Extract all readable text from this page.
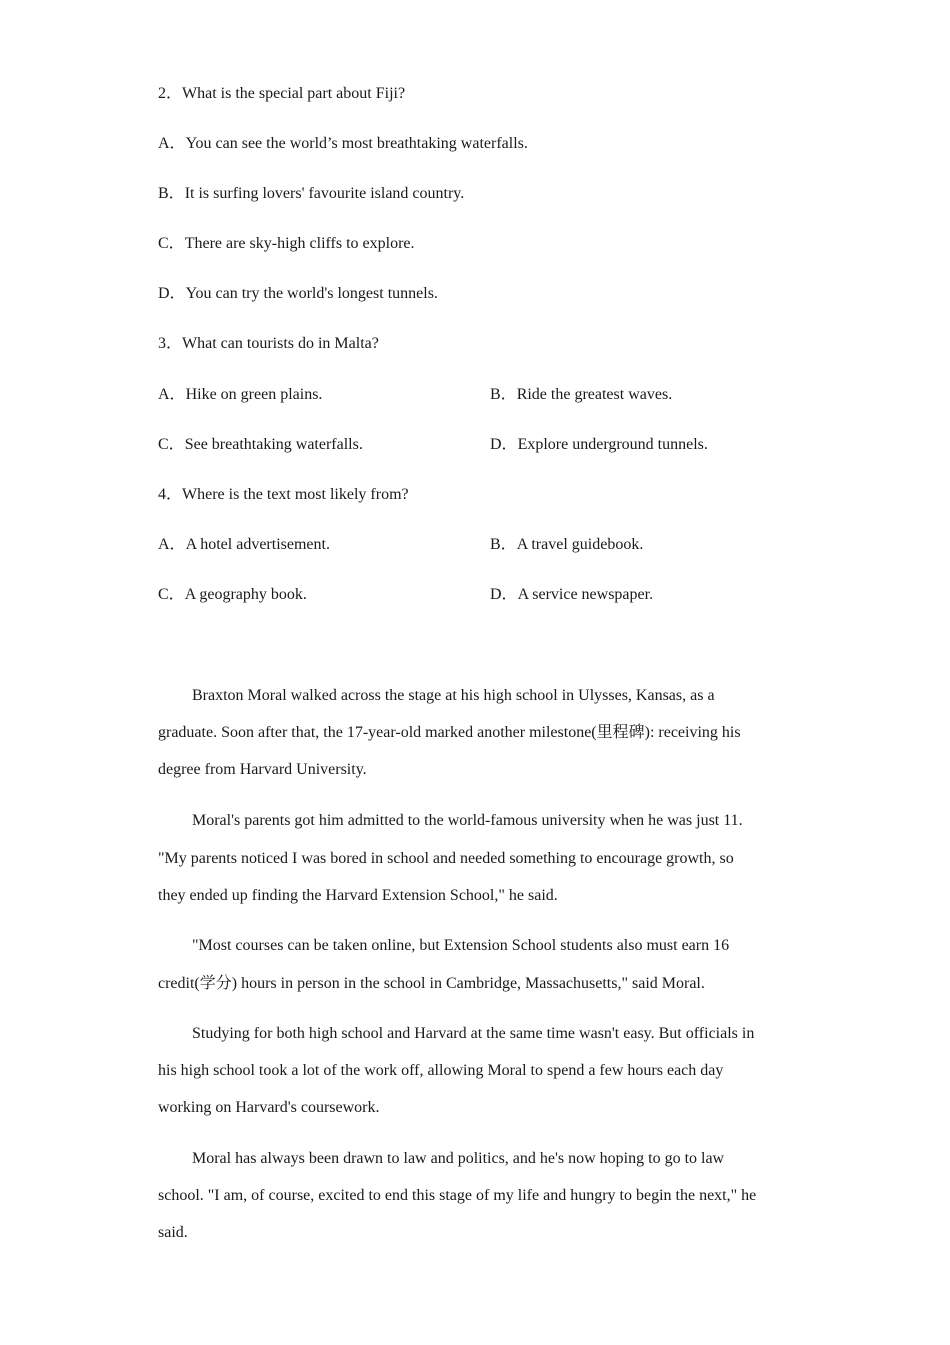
2．What is the special part about Fiji?
A．You can see the world’s most breathtaking waterfalls.
B．It is surfing lovers' favourite island country.
C．There are sky-high cliffs to explore.
D．You can try the world's longest tunnels.
3．What can tourists do in Malta?
A．Hike on green plains.	B．Ride the greatest waves.
C．See breathtaking waterfalls.	D．Explore underground tunnels.
4．Where is the text most likely from?
A．A hotel advertisement.	B．A travel guidebook.
C．A geography book.	D．A service newspaper.
Braxton Moral walked across the stage at his high school in Ulysses, Kansas, as a
graduate. Soon after that, the 17-year-old marked another milestone(里程碑): receiving his
degree from Harvard University.
Moral's parents got him admitted to the world-famous university when he was just 11.
"My parents noticed I was bored in school and needed something to encourage growth, so
they ended up finding the Harvard Extension School," he said.
"Most courses can be taken online, but Extension School students also must earn 16
credit(学分) hours in person in the school in Cambridge, Massachusetts," said Moral.
Studying for both high school and Harvard at the same time wasn't easy. But officials in
his high school took a lot of the work off, allowing Moral to spend a few hours each day
working on Harvard's coursework.
Moral has always been drawn to law and politics, and he's now hoping to go to law
school. "I am, of course, excited to end this stage of my life and hungry to begin the next," he
said.
